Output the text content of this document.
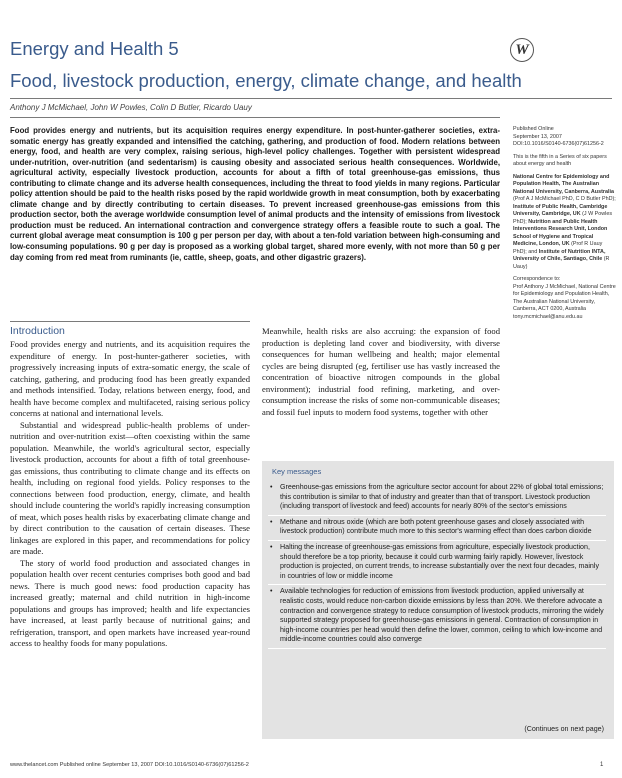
Energy and Health 5	W
Food, livestock production, energy, climate change, and health
Anthony J McMichael, John W Powles, Colin D Butler, Ricardo Uauy

Food provides energy and nutrients, but its acquisition requires energy expenditure. In post-hunter-gatherer societies, extra-somatic energy has greatly expanded and intensified the catching, gathering, and production of food. Modern relations between energy, food, and health are very complex, raising serious, high-level policy challenges. Together with persistent widespread under-nutrition, over-nutrition (and sedentarism) is causing obesity and associated serious health consequences. Worldwide, agricultural activity, especially livestock production, accounts for about a fifth of total greenhouse-gas emissions, thus contributing to climate change and its adverse health consequences, including the threat to food yields in many regions. Particular policy attention should be paid to the health risks posed by the rapid worldwide growth in meat consumption, both by exacerbating climate change and by directly contributing to certain diseases. To prevent increased greenhouse-gas emissions from this production sector, both the average worldwide consumption level of animal products and the intensity of emissions from livestock production must be reduced. An international contraction and convergence strategy offers a feasible route to such a goal. The current global average meat consumption is 100 g per person per day, with about a ten-fold variation between high-consuming and low-consuming populations. 90 g per day is proposed as a working global target, shared more evenly, with not more than 50 g per day coming from red meat from ruminants (ie, cattle, sheep, goats, and other digastric grazers).

Published Online
September 13, 2007
DOI:10.1016/S0140-6736(07)61256-2

This is the fifth in a Series of six papers about energy and health

National Centre for Epidemiology and Population Health, The Australian National University, Canberra, Australia (Prof A J McMichael PhD, C D Butler PhD); Institute of Public Health, Cambridge University, Cambridge, UK (J W Powles PhD); Nutrition and Public Health Interventions Research Unit, London School of Hygiene and Tropical Medicine, London, UK (Prof R Uauy PhD); and Institute of Nutrition INTA, University of Chile, Santiago, Chile (R Uauy)

Correspondence to:
Prof Anthony J McMichael, National Centre for Epidemiology and Population Health, The Australian National University, Canberra, ACT 0200, Australia
tony.mcmichael@anu.edu.au

Introduction

Food provides energy and nutrients, and its acquisition requires the expenditure of energy. In post-hunter-gatherer societies, with progressively increasing inputs of extra-somatic energy, the scale of catching, gathering, and producing food has been greatly expanded and methods intensified. Today, relations between energy, food, and health have become complex and multifaceted, raising serious policy concerns at national and international levels.

Substantial and widespread public-health problems of under-nutrition and over-nutrition exist—often coexisting within the same population. Meanwhile, the world's agricultural sector, especially livestock production, accounts for about a fifth of total greenhouse-gas emissions, thus contributing to climate change and its effects on health, including on regional food yields. Policy responses to the connections between food production, energy, climate, and health should include countering the world's rapidly increasing consumption of meat, which poses health risks by exacerbating climate change and by direct contribution to the causation of certain diseases. These linkages are explored in this paper, and recommendations for policy are made.

The story of world food production and associated changes in population health over recent centuries comprises both good and bad news. There is much good news: food production capacity has increased greatly; maternal and child nutrition in high-income populations and groups has improved; health and life expectancies have increased, at least partly because of nutritional gains; and refrigeration, transport, and open markets have increased year-round access to healthy foods for many populations.

Meanwhile, health risks are also accruing: the expansion of food production is depleting land cover and biodiversity, with diverse consequences for human wellbeing and health; major elemental cycles are being disrupted (eg, fertiliser use has vastly increased the concentration of bioactive nitrogen compounds in the global environment); industrial food refining, marketing, and over-consumption increase the risks of some non-communicable diseases; and fossil fuel inputs to modern food systems, together with other

Key messages
• Greenhouse-gas emissions from the agriculture sector account for about 22% of global total emissions; this contribution is similar to that of industry and greater than that of transport. Livestock production (including transport of livestock and feed) accounts for nearly 80% of the sector's emissions
• Methane and nitrous oxide (which are both potent greenhouse gases and closely associated with livestock production) contribute much more to this sector's warming effect than does carbon dioxide
• Halting the increase of greenhouse-gas emissions from agriculture, especially livestock production, should therefore be a top priority, because it could curb warming fairly rapidly. However, livestock production is projected, on current trends, to increase substantially over the next four decades, mainly in countries of low or middle income
• Available technologies for reduction of emissions from livestock production, applied universally at realistic costs, would reduce non-carbon dioxide emissions by less than 20%. We therefore advocate a contraction and convergence strategy to reduce consumption of livestock products, mirroring the widely supported strategy proposed for greenhouse-gas emissions in general. Contraction of consumption in high-income countries per head would then define the lower, common, ceiling to which low-income and middle-income countries could also converge
(Continues on next page)
www.thelancet.com Published online September 13, 2007 DOI:10.1016/S0140-6736(07)61256-2	1
